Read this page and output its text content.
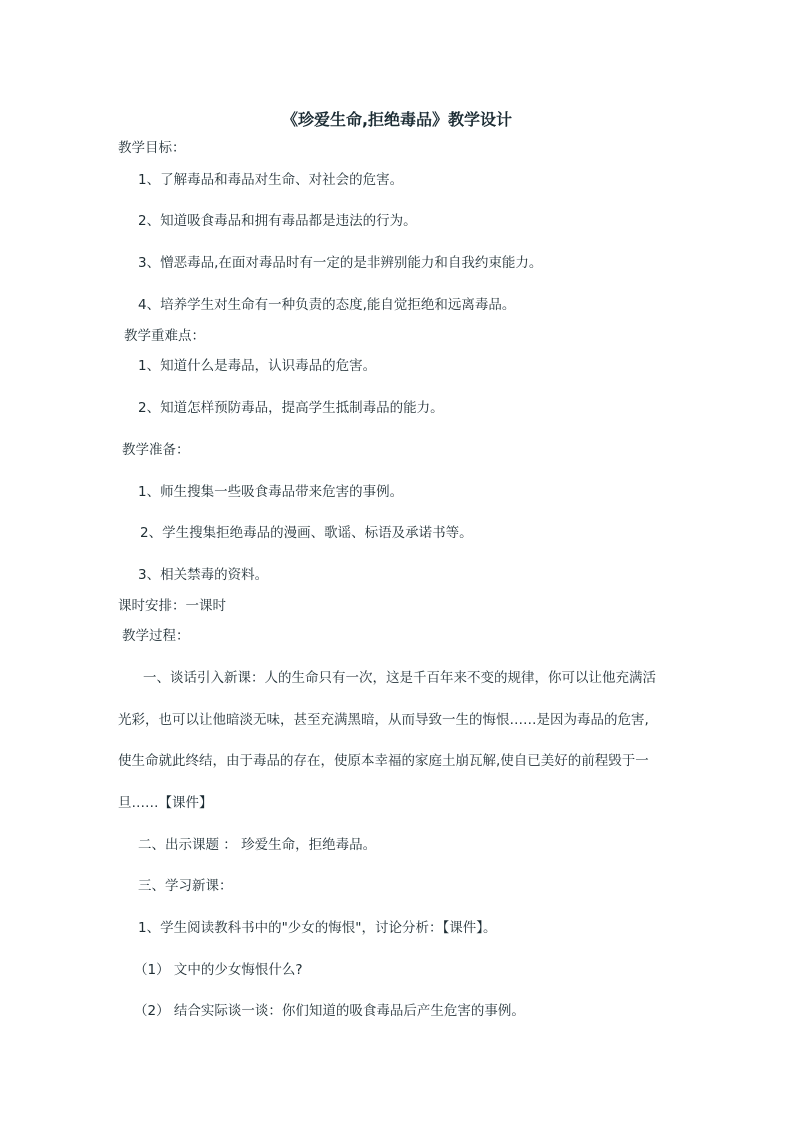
《珍爱生命,拒绝毒品》教学设计
教学目标：
1、了解毒品和毒品对生命、对社会的危害。
2、知道吸食毒品和拥有毒品都是违法的行为。
3、憎恶毒品,在面对毒品时有一定的是非辨别能力和自我约束能力。
4、培养学生对生命有一种负责的态度,能自觉拒绝和远离毒品。
教学重难点：
1、知道什么是毒品，认识毒品的危害。
2、知道怎样预防毒品，提高学生抵制毒品的能力。
教学准备：
1、师生搜集一些吸食毒品带来危害的事例。
2、学生搜集拒绝毒品的漫画、歌谣、标语及承诺书等。
3、相关禁毒的资料。
课时安排：一课时
教学过程：
一、谈话引入新课：人的生命只有一次，这是千百年来不变的规律，你可以让他充满活
光彩，也可以让他暗淡无味，甚至充满黑暗，从而导致一生的悔恨……是因为毒品的危害,
使生命就此终结，由于毒品的存在，使原本幸福的家庭土崩瓦解,使自已美好的前程毁于一
旦……【课件】
二、出示课题 ： 珍爱生命，拒绝毒品。
三、学习新课：
1、学生阅读教科书中的"少女的悔恨"，讨论分析：【课件】。
（1） 文中的少女悔恨什么?
（2） 结合实际谈一谈：你们知道的吸食毒品后产生危害的事例。
